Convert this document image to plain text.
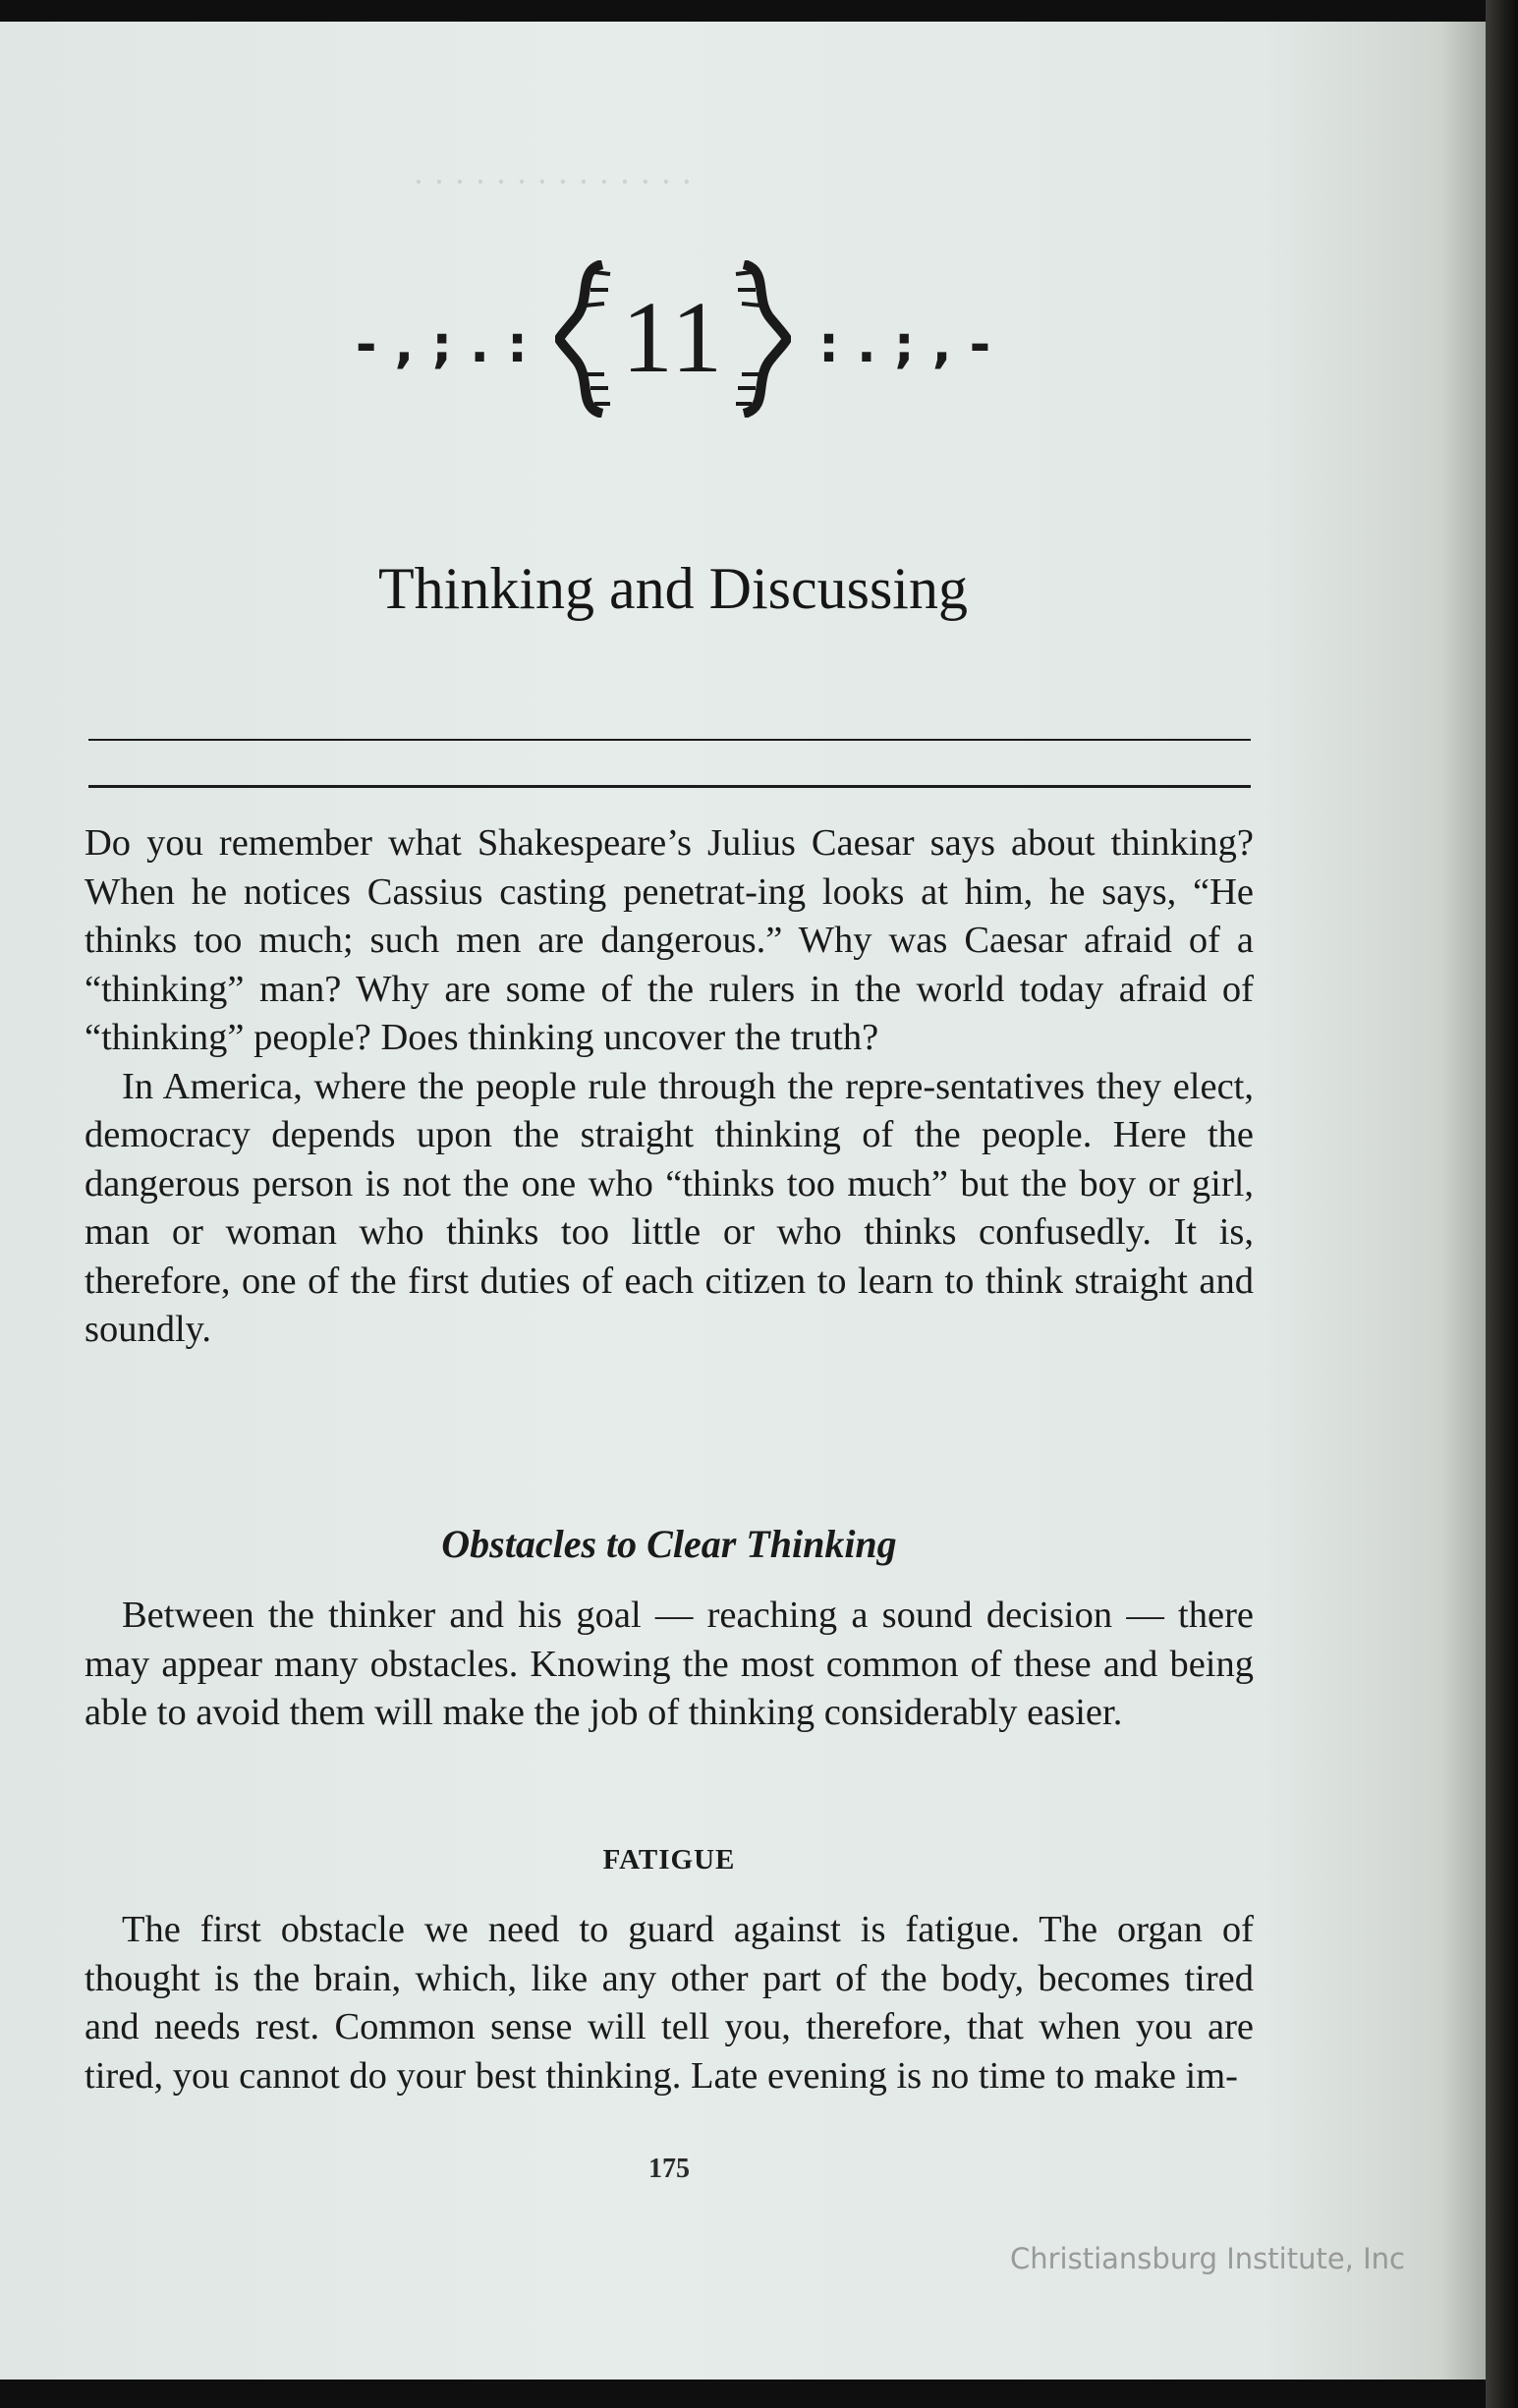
· · · · · · · · · · · · · ·
- , ; . : 11 : . ; , -
Thinking and Discussing

Do you remember what Shakespeare’s Julius Caesar says about thinking? When he notices Cassius casting penetrat-ing looks at him, he says, “He thinks too much; such men are dangerous.” Why was Caesar afraid of a “thinking” man? Why are some of the rulers in the world today afraid of “thinking” people? Does thinking uncover the truth?

In America, where the people rule through the repre-sentatives they elect, democracy depends upon the straight thinking of the people. Here the dangerous person is not the one who “thinks too much” but the boy or girl, man or woman who thinks too little or who thinks confusedly. It is, therefore, one of the first duties of each citizen to learn to think straight and soundly.

Obstacles to Clear Thinking

Between the thinker and his goal — reaching a sound decision — there may appear many obstacles. Knowing the most common of these and being able to avoid them will make the job of thinking considerably easier.

FATIGUE

The first obstacle we need to guard against is fatigue. The organ of thought is the brain, which, like any other part of the body, becomes tired and needs rest. Common sense will tell you, therefore, that when you are tired, you cannot do your best thinking. Late evening is no time to make im-

175
Christiansburg Institute, Inc
